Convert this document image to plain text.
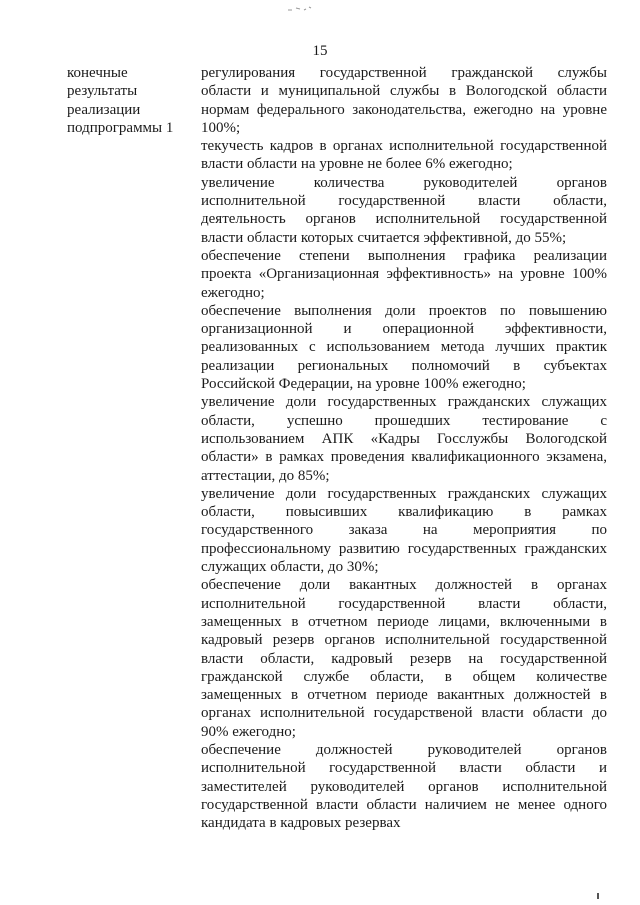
15
конечные
результаты
реализации
подпрограммы 1
регулирования государственной гражданской службы
области и муниципальной службы в Вологодской области
нормам федерального законодательства, ежегодно на уровне
100%;
текучесть кадров в органах исполнительной государственной
власти области на уровне не более 6% ежегодно;
увеличение количества руководителей органов
исполнительной государственной власти области,
деятельность органов исполнительной государственной
власти области которых считается эффективной, до 55%;
обеспечение степени выполнения графика реализации
проекта «Организационная эффективность» на уровне 100%
ежегодно;
обеспечение выполнения доли проектов по повышению
организационной и операционной эффективности,
реализованных с использованием метода лучших практик
реализации региональных полномочий в субъектах
Российской Федерации, на уровне 100% ежегодно;
увеличение доли государственных гражданских служащих
области, успешно прошедших тестирование с
использованием АПК «Кадры Госслужбы Вологодской
области» в рамках проведения квалификационного экзамена,
аттестации, до 85%;
увеличение доли государственных гражданских служащих
области, повысивших квалификацию в рамках
государственного заказа на мероприятия по
профессиональному развитию государственных гражданских
служащих области, до 30%;
обеспечение доли вакантных должностей в органах
исполнительной государственной власти области,
замещенных в отчетном периоде лицами, включенными в
кадровый резерв органов исполнительной государственной
власти области, кадровый резерв на государственной
гражданской службе области, в общем количестве
замещенных в отчетном периоде вакантных должностей в
органах исполнительной государственой власти области до
90% ежегодно;
обеспечение должностей руководителей органов
исполнительной государственной власти области и
заместителей руководителей органов исполнительной
государственной власти области наличием не менее одного
кандидата в кадровых резервах
